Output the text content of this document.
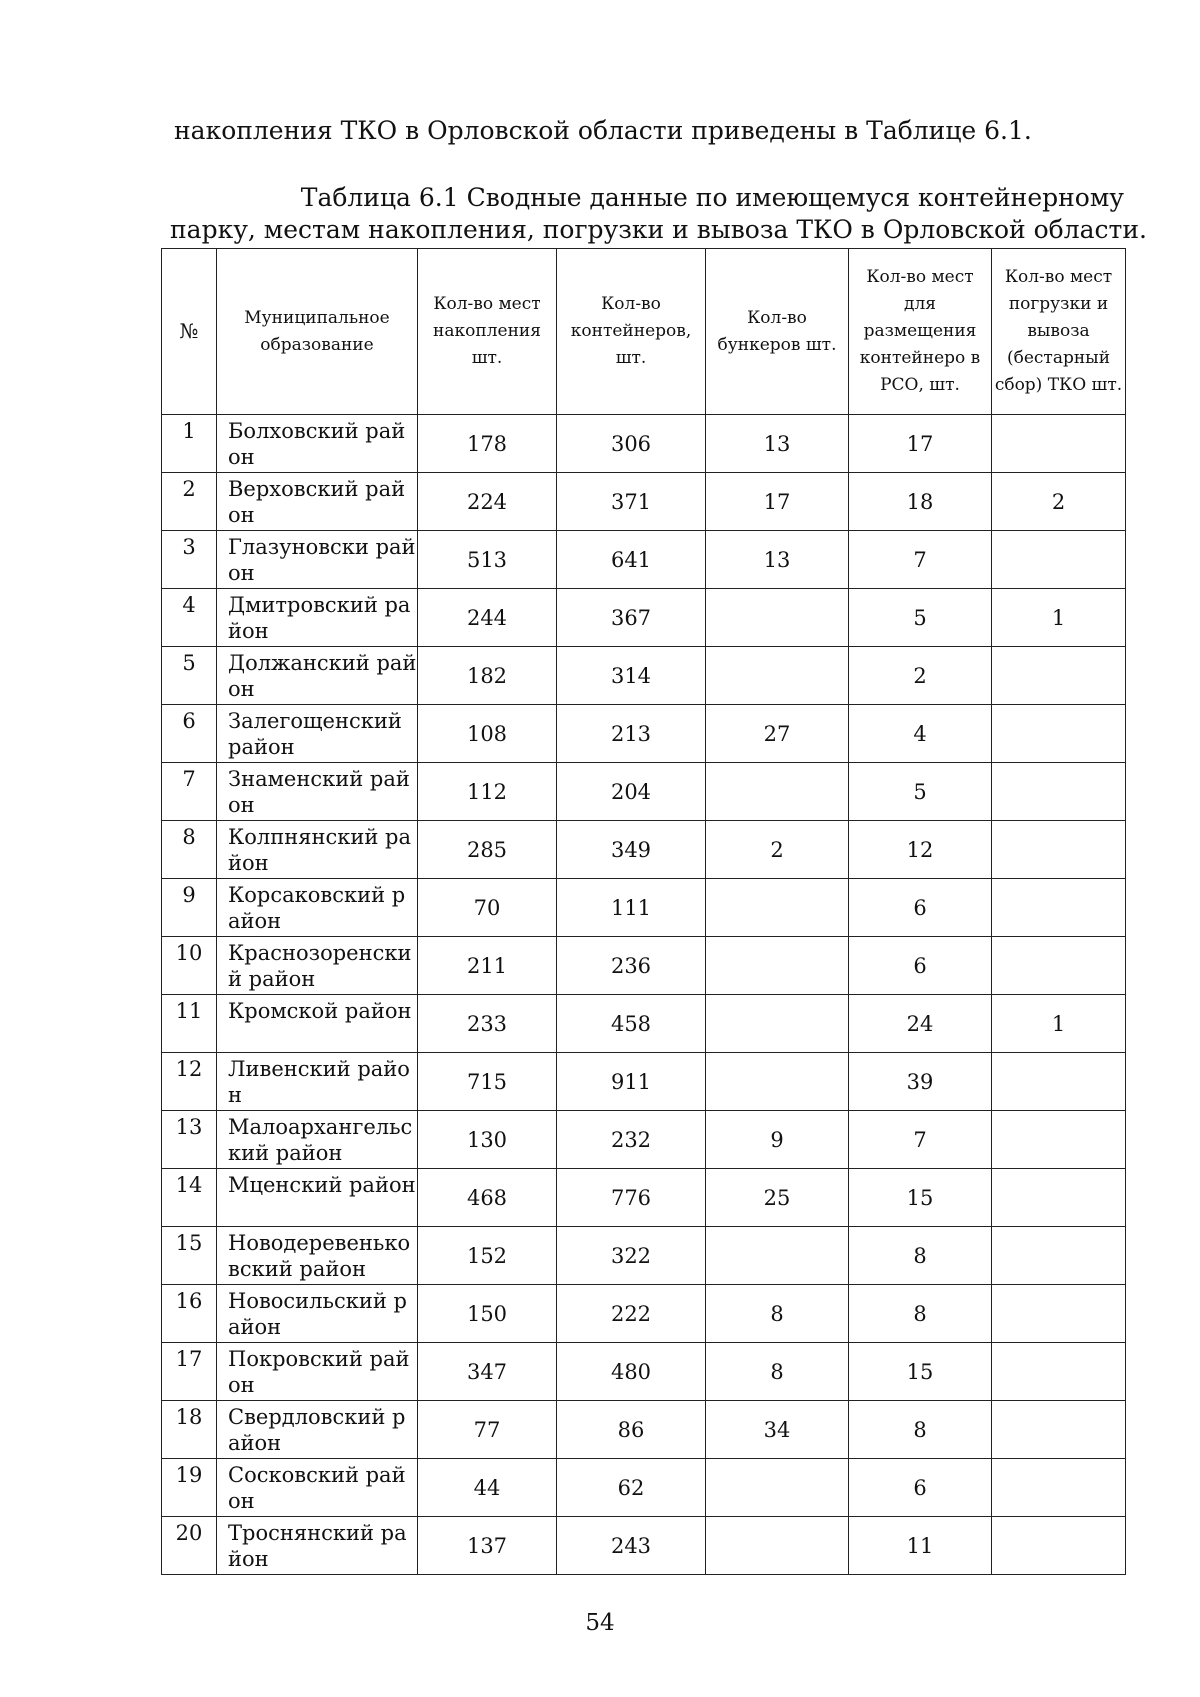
накопления ТКО в Орловской области приведены в Таблице 6.1.
Таблица 6.1 Сводные данные по имеющемуся контейнерному
парку, местам накопления, погрузки и вывоза ТКО в Орловской области.
№	Муниципальное образование	Кол-во мест накопления шт.	Кол-во контейнеров, шт.	Кол-во бункеров шт.	Кол-во мест для размещения контейнеро в РСО, шт.	Кол-во мест погрузки и вывоза (бестарный сбор) ТКО шт.
1	Болховский район	178	306	13	17	
2	Верховский район	224	371	17	18	2
3	Глазуновски район	513	641	13	7	
4	Дмитровский район	244	367		5	1
5	Должанский район	182	314		2	
6	Залегощенский район	108	213	27	4	
7	Знаменский район	112	204		5	
8	Колпнянский район	285	349	2	12	
9	Корсаковский район	70	111		6	
10	Краснозоренский район	211	236		6	
11	Кромской район	233	458		24	1
12	Ливенский район	715	911		39	
13	Малоархангельский район	130	232	9	7	
14	Мценский район	468	776	25	15	
15	Новодеревеньковский район	152	322		8	
16	Новосильский район	150	222	8	8	
17	Покровский район	347	480	8	15	
18	Свердловский район	77	86	34	8	
19	Сосковский район	44	62		6	
20	Троснянский район	137	243		11	
54
